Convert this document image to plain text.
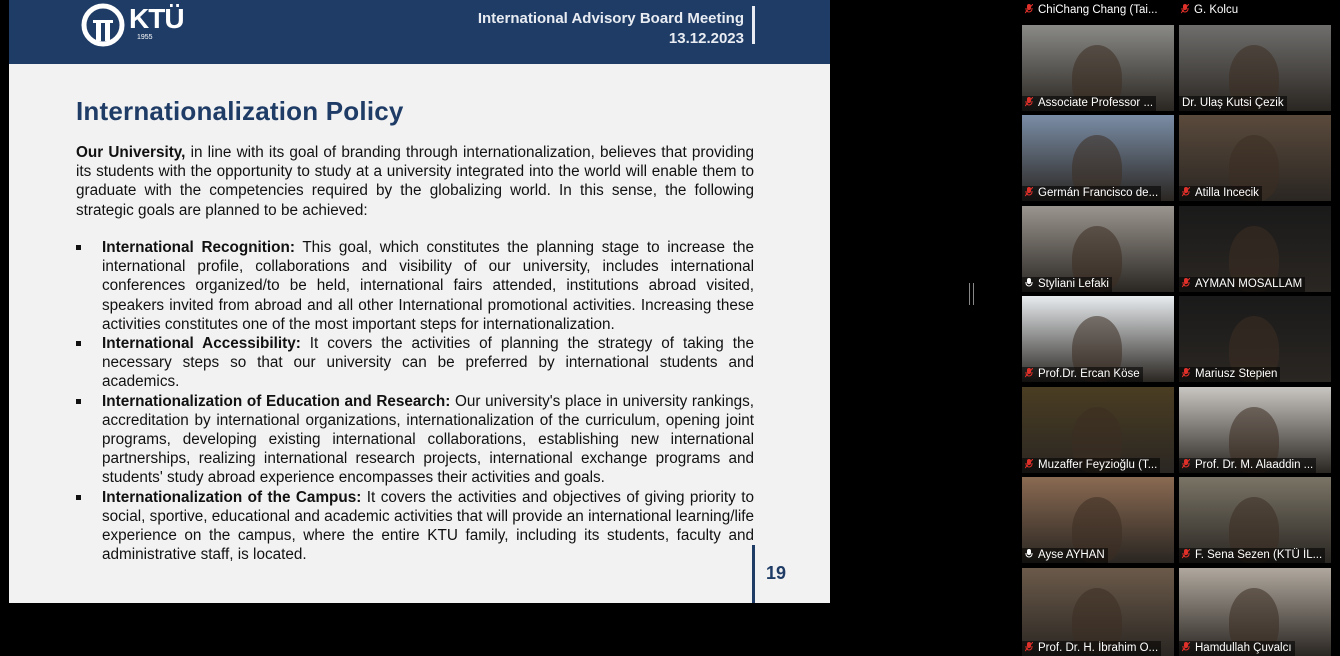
KTÜ
1955
International Advisory Board Meeting
13.12.2023
Internationalization Policy
Our University, in line with its goal of branding through internationalization, believes that providing its students with the opportunity to study at a university integrated into the world will enable them to graduate with the competencies required by the globalizing world. In this sense, the following strategic goals are planned to be achieved:
International Recognition: This goal, which constitutes the planning stage to increase the international profile, collaborations and visibility of our university, includes international conferences organized/to be held, international fairs attended, institutions abroad visited, speakers invited from abroad and all other International promotional activities. Increasing these activities constitutes one of the most important steps for internationalization.
International Accessibility: It covers the activities of planning the strategy of taking the necessary steps so that our university can be preferred by international students and academics.
Internationalization of Education and Research: Our university's place in university rankings, accreditation by international organizations, internationalization of the curriculum, opening joint programs, developing existing international collaborations, establishing new international partnerships, realizing international research projects, international exchange programs and students' study abroad experience encompasses their activities and goals.
Internationalization of the Campus: It covers the activities and objectives of giving priority to social, sportive, educational and academic activities that will provide an international learning/life experience on the campus, where the entire KTU family, including its students, faculty and administrative staff, is located.
19
ChiChang Chang (Tai...	G. Kolcu
Associate Professor ...	Dr. Ulaş Kutsi Çezik
Germán Francisco de...	Atilla Incecik
Styliani Lefaki	AYMAN MOSALLAM
Prof.Dr. Ercan Köse	Mariusz Stepien
Muzaffer Feyzioğlu (T...	Prof. Dr. M. Alaaddin ...
Ayse AYHAN	F. Sena Sezen (KTÜ İL...
Prof. Dr. H. İbrahim O...	Hamdullah Çuvalcı
